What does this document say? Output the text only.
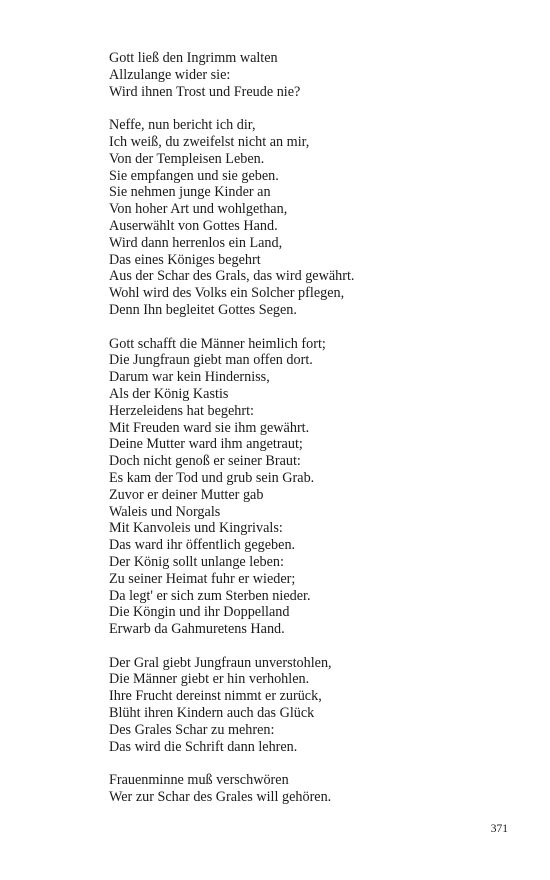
Gott ließ den Ingrimm walten
Allzulange wider sie:
Wird ihnen Trost und Freude nie?
Neffe, nun bericht ich dir,
Ich weiß, du zweifelst nicht an mir,
Von der Templeisen Leben.
Sie empfangen und sie geben.
Sie nehmen junge Kinder an
Von hoher Art und wohlgethan,
Auserwählt von Gottes Hand.
Wird dann herrenlos ein Land,
Das eines Königes begehrt
Aus der Schar des Grals, das wird gewährt.
Wohl wird des Volks ein Solcher pflegen,
Denn Ihn begleitet Gottes Segen.
Gott schafft die Männer heimlich fort;
Die Jungfraun giebt man offen dort.
Darum war kein Hinderniss,
Als der König Kastis
Herzeleidens hat begehrt:
Mit Freuden ward sie ihm gewährt.
Deine Mutter ward ihm angetraut;
Doch nicht genoß er seiner Braut:
Es kam der Tod und grub sein Grab.
Zuvor er deiner Mutter gab
Waleis und Norgals
Mit Kanvoleis und Kingrivals:
Das ward ihr öffentlich gegeben.
Der König sollt unlange leben:
Zu seiner Heimat fuhr er wieder;
Da legt' er sich zum Sterben nieder.
Die Köngin und ihr Doppelland
Erwarb da Gahmuretens Hand.
Der Gral giebt Jungfraun unverstohlen,
Die Männer giebt er hin verhohlen.
Ihre Frucht dereinst nimmt er zurück,
Blüht ihren Kindern auch das Glück
Des Grales Schar zu mehren:
Das wird die Schrift dann lehren.
Frauenminne muß verschwören
Wer zur Schar des Grales will gehören.
371
